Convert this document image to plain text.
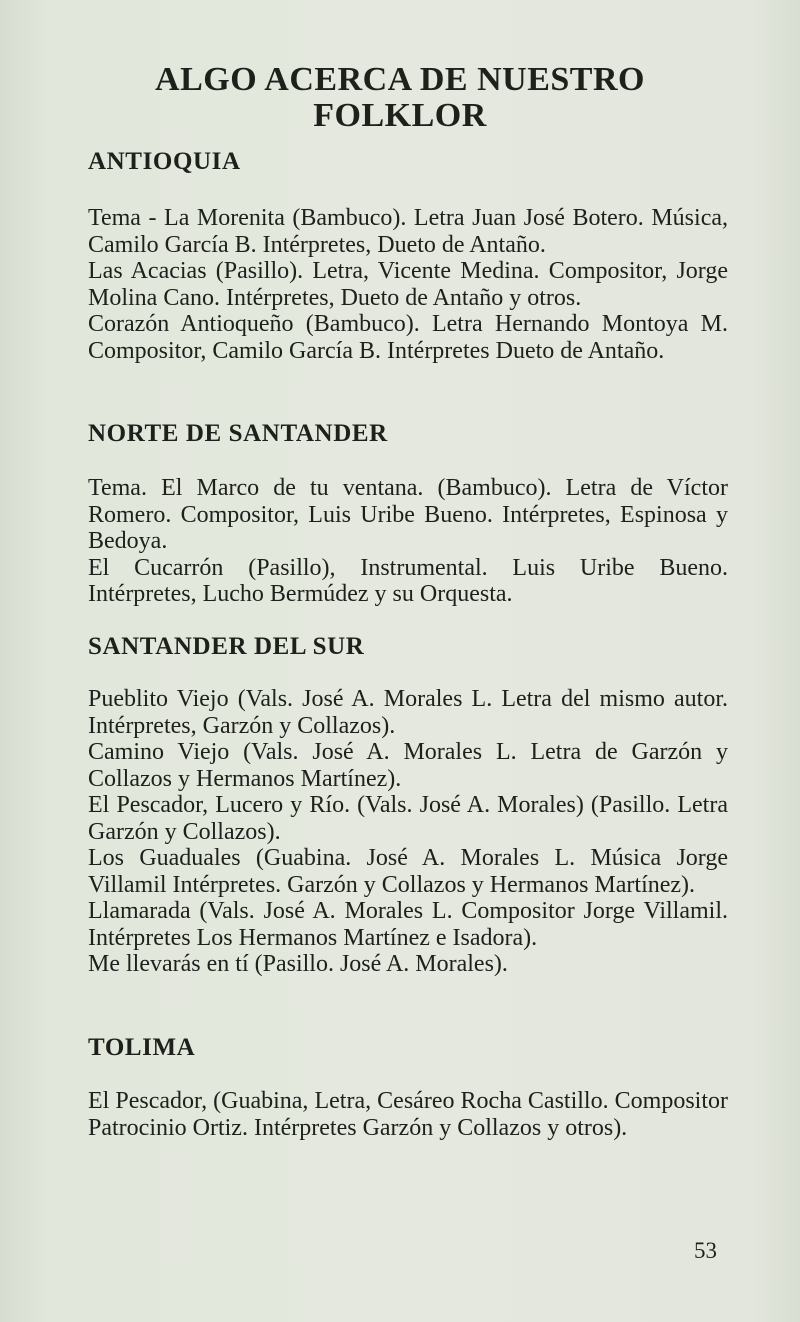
ALGO ACERCA DE NUESTRO
FOLKLOR
ANTIOQUIA
Tema - La Morenita (Bambuco). Letra Juan José Botero. Música, Camilo García B. Intérpretes, Dueto de Antaño.
Las Acacias (Pasillo). Letra, Vicente Medina. Compositor, Jorge Molina Cano. Intérpretes, Dueto de Antaño y otros.
Corazón Antioqueño (Bambuco). Letra Hernando Montoya M. Compositor, Camilo García B. Intérpretes Dueto de Antaño.
NORTE DE SANTANDER
Tema. El Marco de tu ventana. (Bambuco). Letra de Víctor Romero. Compositor, Luis Uribe Bueno. Intérpretes, Espinosa y Bedoya.
El Cucarrón (Pasillo), Instrumental. Luis Uribe Bueno. Intérpretes, Lucho Bermúdez y su Orquesta.
SANTANDER DEL SUR
Pueblito Viejo (Vals. José A. Morales L. Letra del mismo autor. Intérpretes, Garzón y Collazos).
Camino Viejo (Vals. José A. Morales L. Letra de Garzón y Collazos y Hermanos Martínez).
El Pescador, Lucero y Río. (Vals. José A. Morales) (Pasillo. Letra Garzón y Collazos).
Los Guaduales (Guabina. José A. Morales L. Música Jorge Villamil Intérpretes. Garzón y Collazos y Hermanos Martínez).
Llamarada (Vals. José A. Morales L. Compositor Jorge Villamil. Intérpretes Los Hermanos Martínez e Isadora).
Me llevarás en tí (Pasillo. José A. Morales).
TOLIMA
El Pescador, (Guabina, Letra, Cesáreo Rocha Castillo. Compositor Patrocinio Ortiz. Intérpretes Garzón y Collazos y otros).
53
